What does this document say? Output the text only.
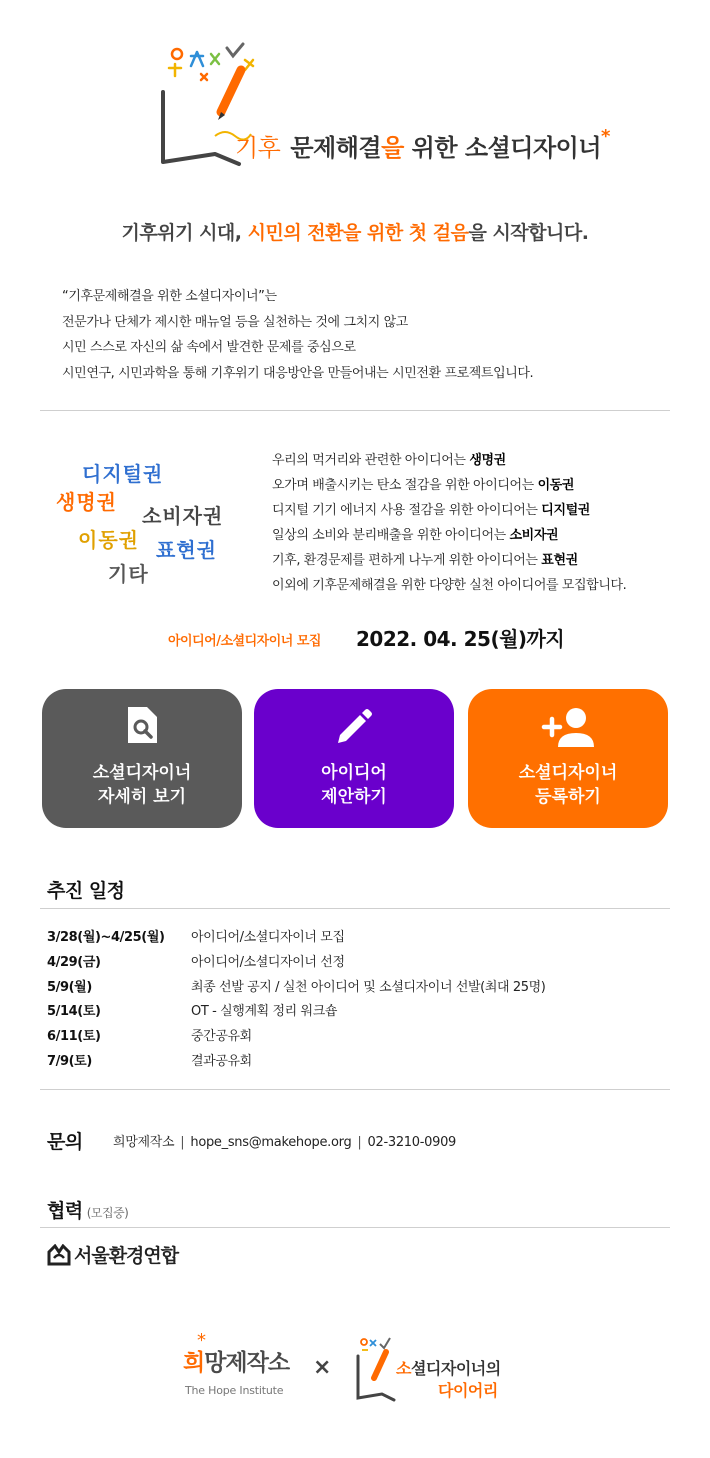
기후 문제해결을 위한 소셜디자이너*
기후위기 시대, 시민의 전환을 위한 첫 걸음을 시작합니다.

“기후문제해결을 위한 소셜디자이너”는

전문가나 단체가 제시한 매뉴얼 등을 실천하는 것에 그치지 않고

시민 스스로 자신의 삶 속에서 발견한 문제를 중심으로

시민연구, 시민과학을 통해 기후위기 대응방안을 만들어내는 시민전환 프로젝트입니다.

디지털권
생명권
소비자권
이동권 표현권
기타

우리의 먹거리와 관련한 아이디어는 생명권

오가며 배출시키는 탄소 절감을 위한 아이디어는 이동권

디지털 기기 에너지 사용 절감을 위한 아이디어는 디지털권

일상의 소비와 분리배출을 위한 아이디어는 소비자권

기후, 환경문제를 편하게 나누게 위한 아이디어는 표현권

이외에 기후문제해결을 위한 다양한 실천 아이디어를 모집합니다.

아이디어/소셜디자이너 모집 2022. 04. 25(월)까지
소셜디자이너
자세히 보기
아이디어
제안하기
소셜디자이너
등록하기
추진 일정
3/28(월)~4/25(월)	아이디어/소셜디자이너 모집
4/29(금)	아이디어/소셜디자이너 선정
5/9(월)	최종 선발 공지 / 실천 아이디어 및 소셜디자이너 선발(최대 25명)
5/14(토)	OT - 실행계획 정리 워크숍
6/11(토)	중간공유회
7/9(토)	결과공유회
문의 희망제작소 | hope_sns@makehope.org | 02-3210-0909
협력 (모집중)
서울환경연합
희망제작소
The Hope Institute
*
×	소셜디자이너의
다이어리
